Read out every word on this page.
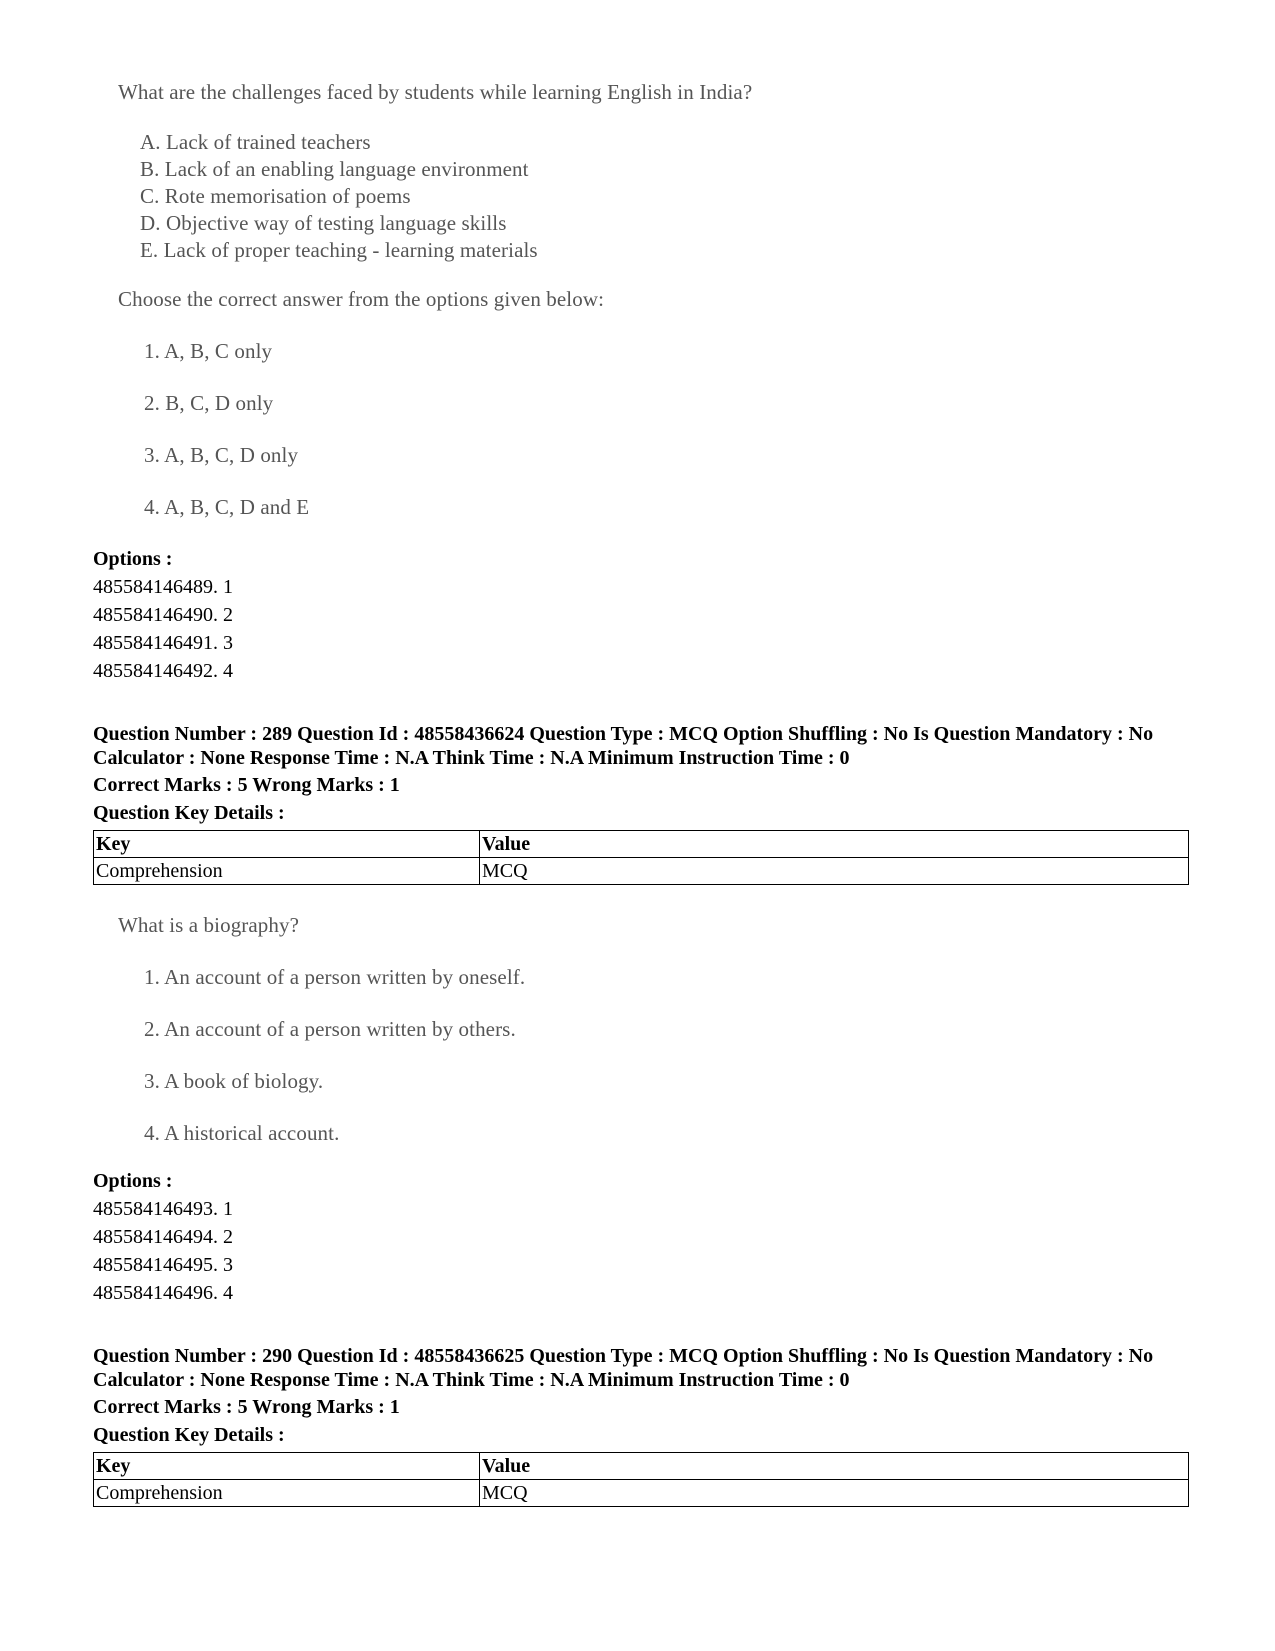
What are the challenges faced by students while learning English in India?
A. Lack of trained teachers
B. Lack of an enabling language environment
C. Rote memorisation of poems
D. Objective way of testing language skills
E. Lack of proper teaching - learning materials
Choose the correct answer from the options given below:
1. A, B, C only
2. B, C, D only
3. A, B, C, D only
4. A, B, C, D and E
Options :
485584146489. 1
485584146490. 2
485584146491. 3
485584146492. 4
Question Number : 289 Question Id : 48558436624 Question Type : MCQ Option Shuffling : No Is Question Mandatory : No Calculator : None Response Time : N.A Think Time : N.A Minimum Instruction Time : 0
Correct Marks : 5 Wrong Marks : 1
Question Key Details :
Key	Value
Comprehension	MCQ
What is a biography?
1. An account of a person written by oneself.
2. An account of a person written by others.
3. A book of biology.
4. A historical account.
Options :
485584146493. 1
485584146494. 2
485584146495. 3
485584146496. 4
Question Number : 290 Question Id : 48558436625 Question Type : MCQ Option Shuffling : No Is Question Mandatory : No Calculator : None Response Time : N.A Think Time : N.A Minimum Instruction Time : 0
Correct Marks : 5 Wrong Marks : 1
Question Key Details :
Key	Value
Comprehension	MCQ
